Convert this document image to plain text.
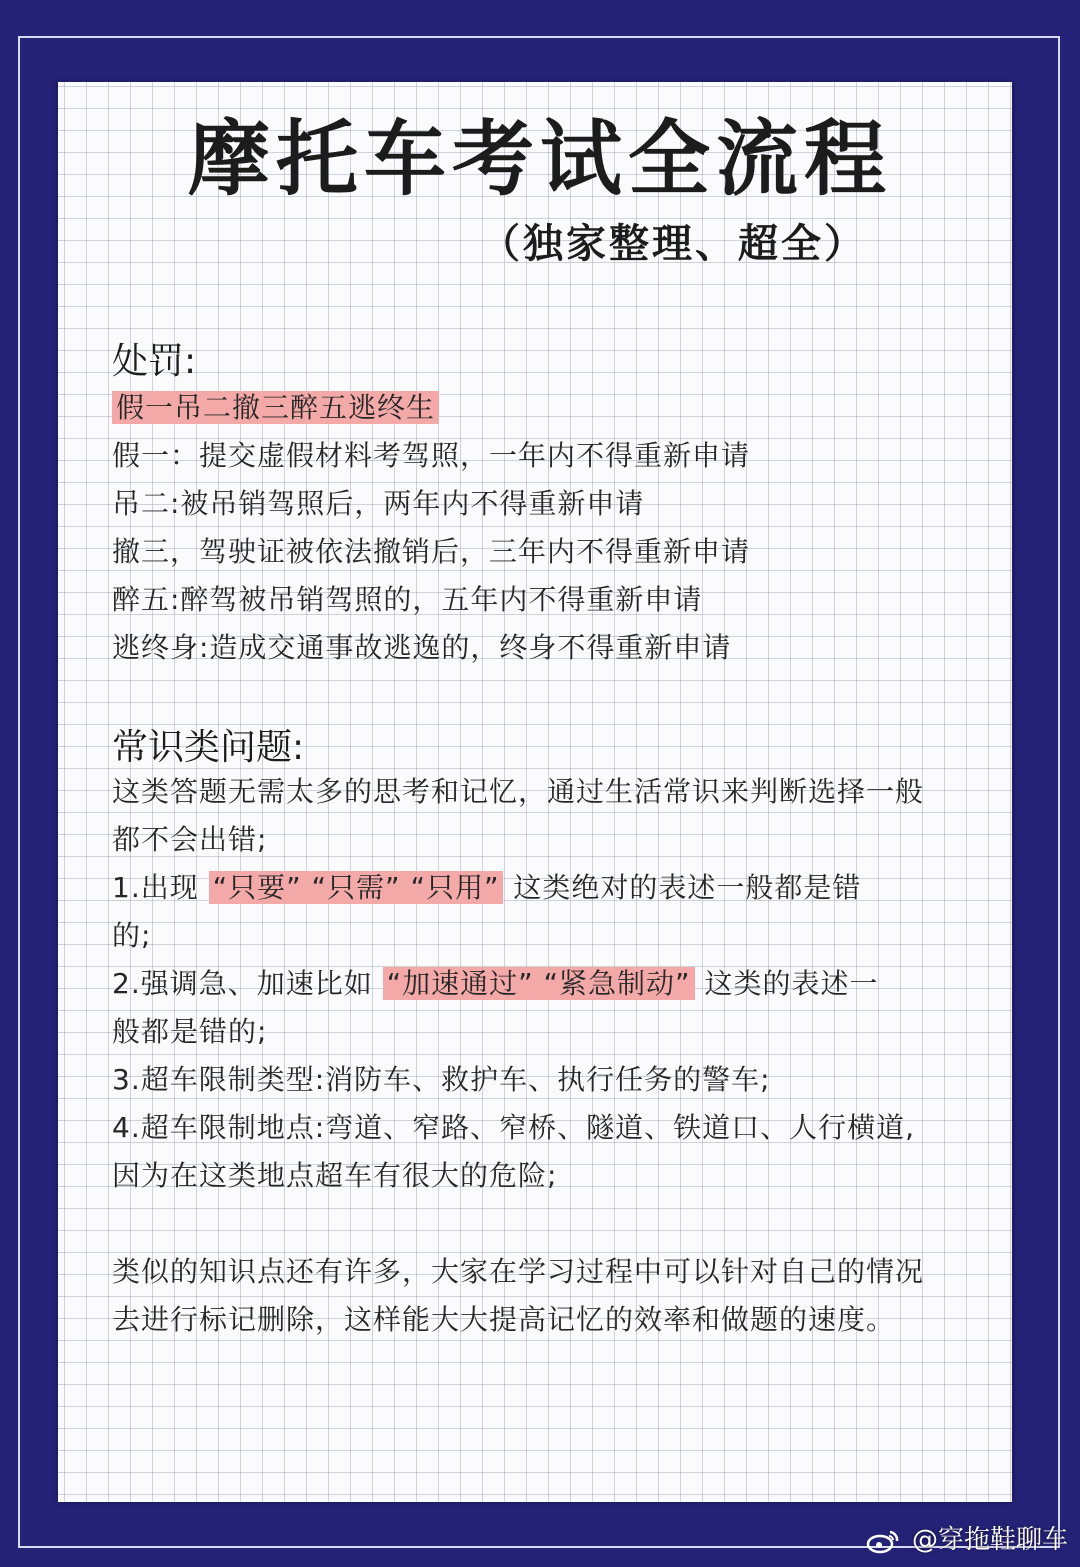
摩托车考试全流程
（独家整理、超全）
处罚:
假一吊二撤三醉五逃终生
假一：提交虚假材料考驾照，一年内不得重新申请
吊二:被吊销驾照后，两年内不得重新申请
撤三，驾驶证被依法撤销后，三年内不得重新申请
醉五:醉驾被吊销驾照的，五年内不得重新申请
逃终身:造成交通事故逃逸的，终身不得重新申请
常识类问题:
这类答题无需太多的思考和记忆，通过生活常识来判断选择一般
都不会出错;
1.出现 “只要” “只需” “只用” 这类绝对的表述一般都是错
的;
2.强调急、加速比如 “加速通过” “紧急制动” 这类的表述一
般都是错的;
3.超车限制类型:消防车、救护车、执行任务的警车;
4.超车限制地点:弯道、窄路、窄桥、隧道、铁道口、人行横道,
因为在这类地点超车有很大的危险;
类似的知识点还有许多，大家在学习过程中可以针对自己的情况
去进行标记删除，这样能大大提高记忆的效率和做题的速度。
@穿拖鞋聊车
